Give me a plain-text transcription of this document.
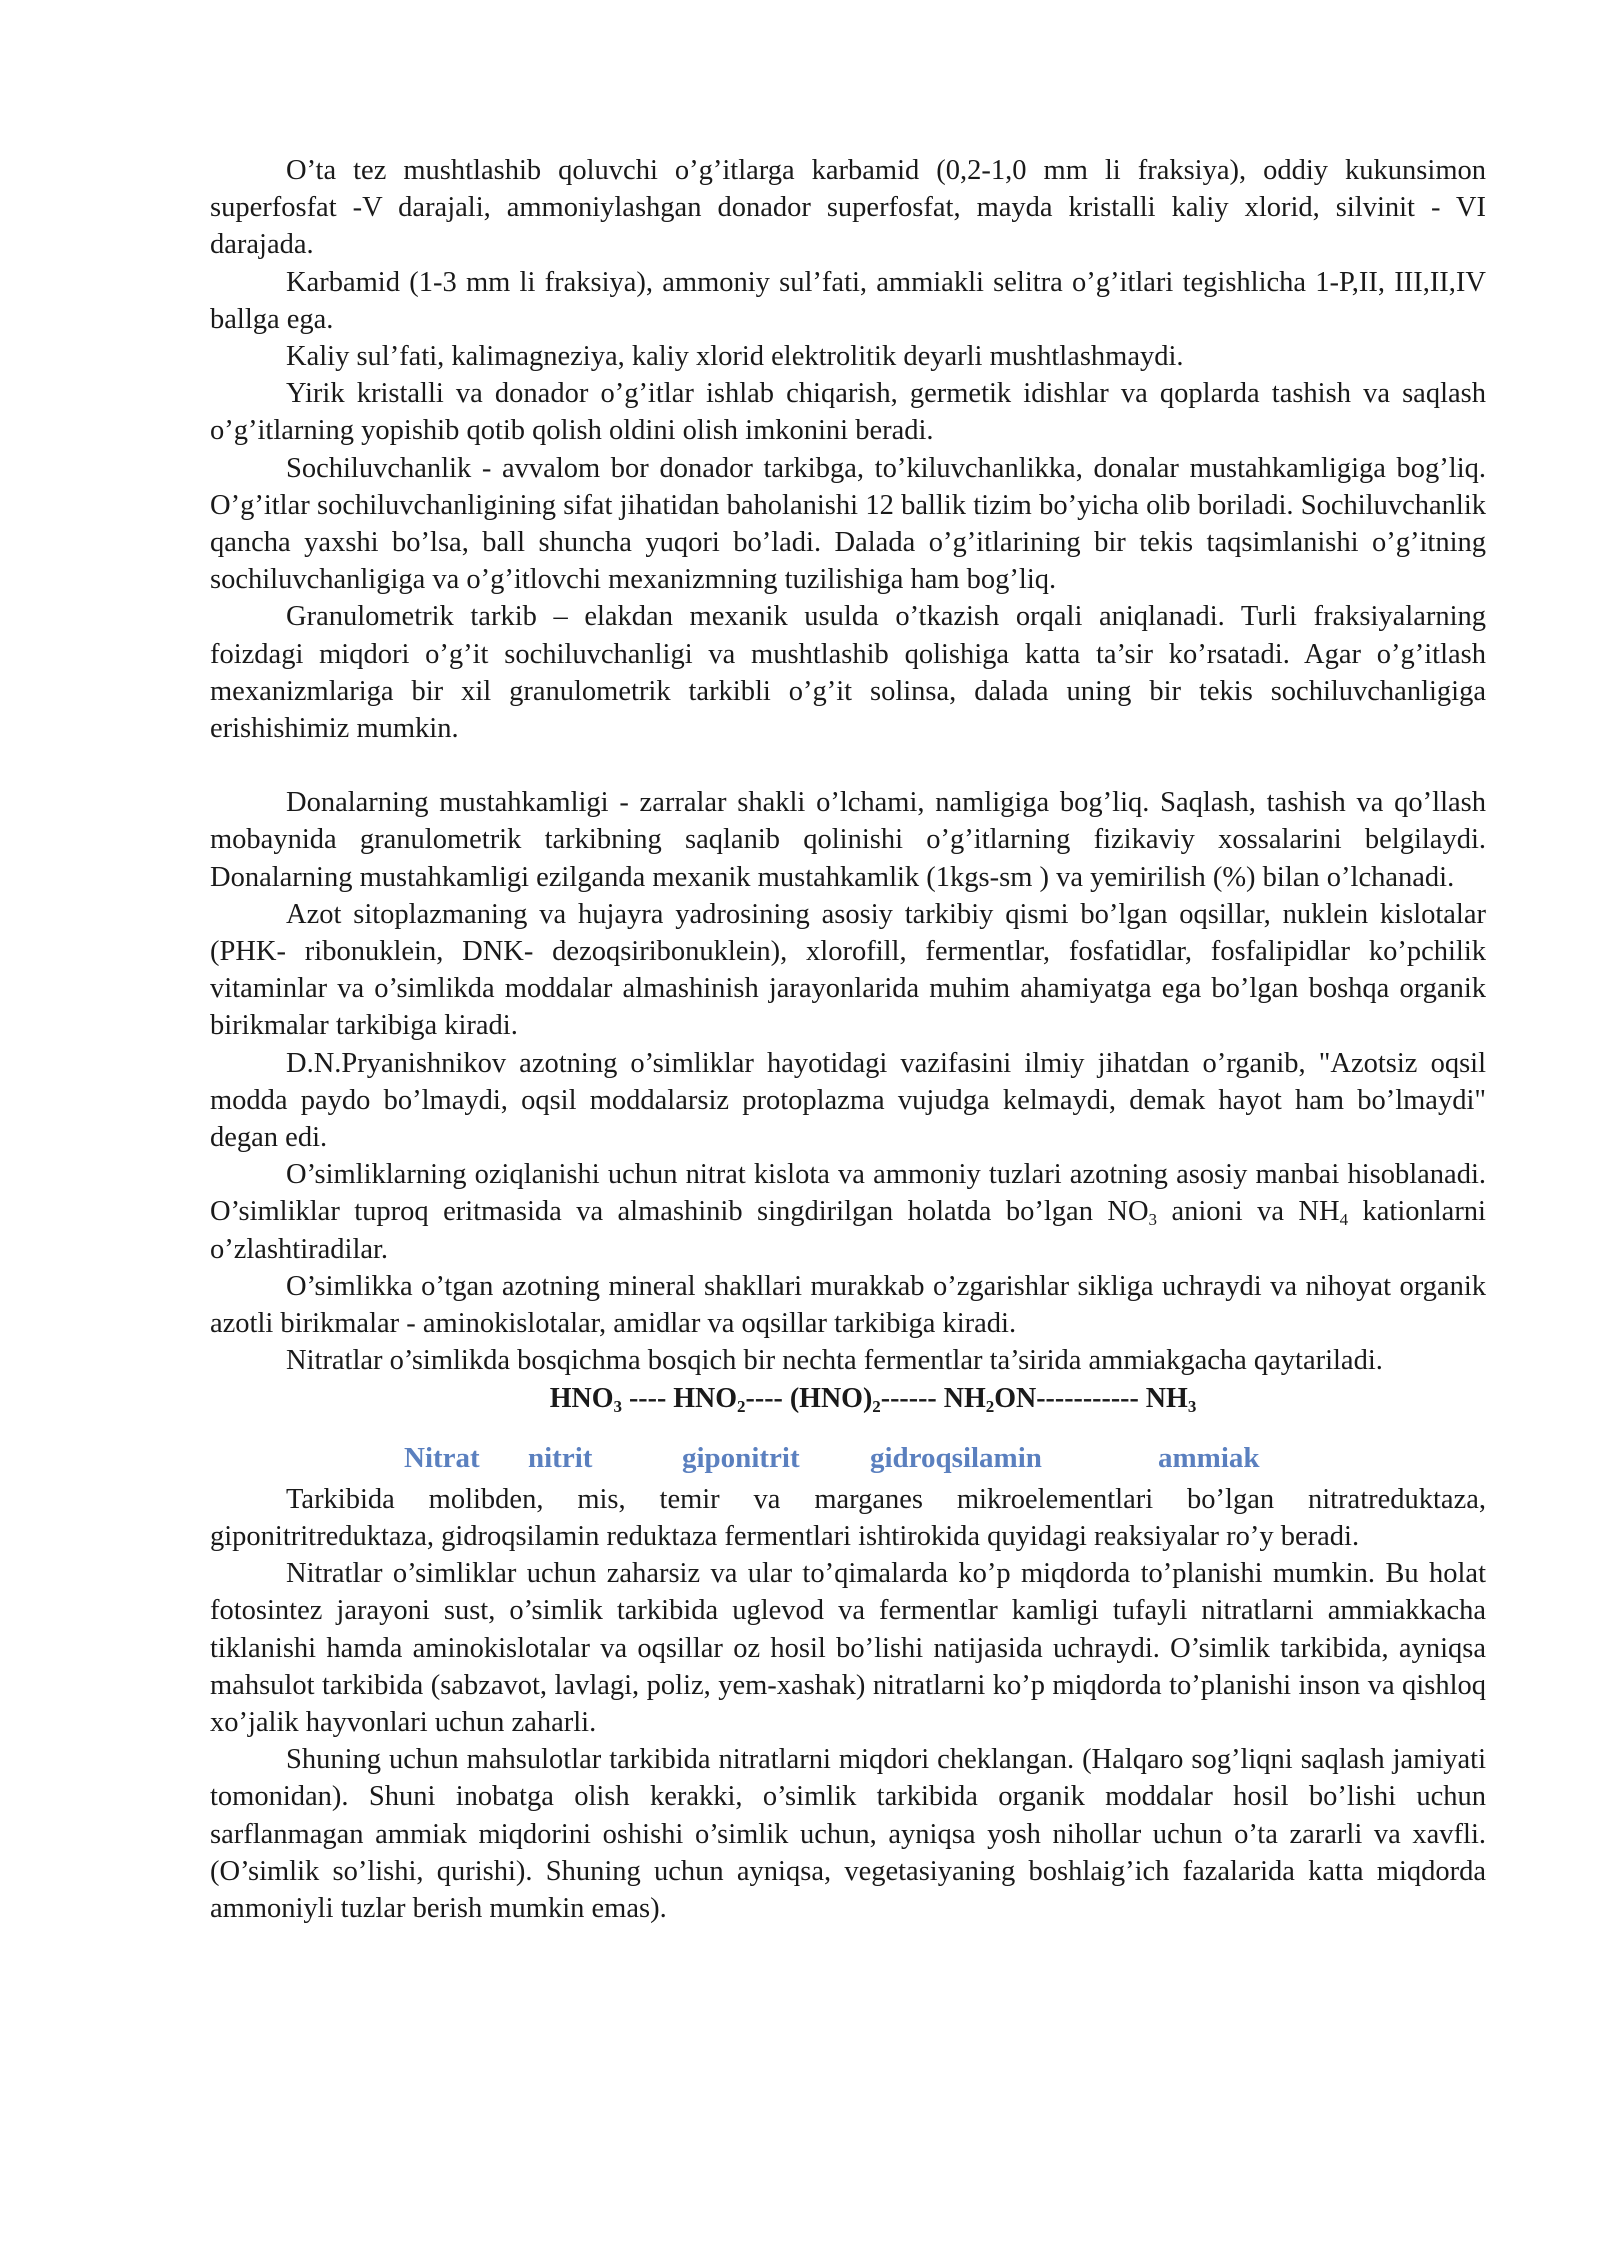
O’ta tez mushtlashib qoluvchi o’g’itlarga karbamid (0,2-1,0 mm li fraksiya), oddiy kukunsimon superfosfat -V darajali, ammoniylashgan donador superfosfat, mayda kristalli kaliy xlorid, silvinit - VI darajada.

Karbamid (1-3 mm li fraksiya), ammoniy sul’fati, ammiakli selitra o’g’itlari tegishlicha 1-P,II, III,II,IV ballga ega.

Kaliy sul’fati, kalimagneziya, kaliy xlorid elektrolitik deyarli mushtlashmaydi.

Yirik kristalli va donador o’g’itlar ishlab chiqarish, germetik idishlar va qoplarda tashish va saqlash o’g’itlarning yopishib qotib qolish oldini olish imkonini beradi.

Sochiluvchanlik - avvalom bor donador tarkibga, to’kiluvchanlikka, donalar mustahkamligiga bog’liq. O’g’itlar sochiluvchanligining sifat jihatidan baholanishi 12 ballik tizim bo’yicha olib boriladi. Sochiluvchanlik qancha yaxshi bo’lsa, ball shuncha yuqori bo’ladi. Dalada o’g’itlarining bir tekis taqsimlanishi o’g’itning sochiluvchanligiga va o’g’itlovchi mexanizmning tuzilishiga ham bog’liq.

Granulometrik tarkib – elakdan mexanik usulda o’tkazish orqali aniqlanadi. Turli fraksiyalarning foizdagi miqdori o’g’it sochiluvchanligi va mushtlashib qolishiga katta ta’sir ko’rsatadi. Agar o’g’itlash mexanizmlariga bir xil granulometrik tarkibli o’g’it solinsa, dalada uning bir tekis sochiluvchanligiga erishishimiz mumkin.

Donalarning mustahkamligi - zarralar shakli o’lchami, namligiga bog’liq. Saqlash, tashish va qo’llash mobaynida granulometrik tarkibning saqlanib qolinishi o’g’itlarning fizikaviy xossalarini belgilaydi. Donalarning mustahkamligi ezilganda mexanik mustahkamlik (1kgs-sm ) va yemirilish (%) bilan o’lchanadi.

Azot sitoplazmaning va hujayra yadrosining asosiy tarkibiy qismi bo’lgan oqsillar, nuklein kislotalar (PHK- ribonuklein, DNK- dezoqsiribonuklein), xlorofill, fermentlar, fosfatidlar, fosfalipidlar ko’pchilik vitaminlar va o’simlikda moddalar almashinish jarayonlarida muhim ahamiyatga ega bo’lgan boshqa organik birikmalar tarkibiga kiradi.

D.N.Pryanishnikov azotning o’simliklar hayotidagi vazifasini ilmiy jihatdan o’rganib, "Azotsiz oqsil modda paydo bo’lmaydi, oqsil moddalarsiz protoplazma vujudga kelmaydi, demak hayot ham bo’lmaydi" degan edi.

O’simliklarning oziqlanishi uchun nitrat kislota va ammoniy tuzlari azotning asosiy manbai hisoblanadi. O’simliklar tuproq eritmasida va almashinib singdirilgan holatda bo’lgan $NO_3$ anioni va $NH_4$ kationlarni o’zlashtiradilar.

O’simlikka o’tgan azotning mineral shakllari murakkab o’zgarishlar sikliga uchraydi va nihoyat organik azotli birikmalar - aminokislotalar, amidlar va oqsillar tarkibiga kiradi.

Nitratlar o’simlikda bosqichma bosqich bir nechta fermentlar ta’sirida ammiakgacha qaytariladi.

$HNO_3$ ---- $HNO_2----$ $(HNO)_2------$ $NH_2ON-----------$ $NH_3$

Nitrat nitrit	giponitrit gidroqsilamin	ammiak

Tarkibida molibden, mis, temir va marganes mikroelementlari bo’lgan nitratreduktaza, giponitritreduktaza, gidroqsilamin reduktaza fermentlari ishtirokida quyidagi reaksiyalar ro’y beradi.

Nitratlar o’simliklar uchun zaharsiz va ular to’qimalarda ko’p miqdorda to’planishi mumkin. Bu holat fotosintez jarayoni sust, o’simlik tarkibida uglevod va fermentlar kamligi tufayli nitratlarni ammiakkacha tiklanishi hamda aminokislotalar va oqsillar oz hosil bo’lishi natijasida uchraydi. O’simlik tarkibida, ayniqsa mahsulot tarkibida (sabzavot, lavlagi, poliz, yem-xashak) nitratlarni ko’p miqdorda to’planishi inson va qishloq xo’jalik hayvonlari uchun zaharli.

Shuning uchun mahsulotlar tarkibida nitratlarni miqdori cheklangan. (Halqaro sog’liqni saqlash jamiyati tomonidan). Shuni inobatga olish kerakki, o’simlik tarkibida organik moddalar hosil bo’lishi uchun sarflanmagan ammiak miqdorini oshishi o’simlik uchun, ayniqsa yosh nihollar uchun o’ta zararli va xavfli. (O’simlik so’lishi, qurishi). Shuning uchun ayniqsa, vegetasiyaning boshlaig’ich fazalarida katta miqdorda ammoniyli tuzlar berish mumkin emas).
